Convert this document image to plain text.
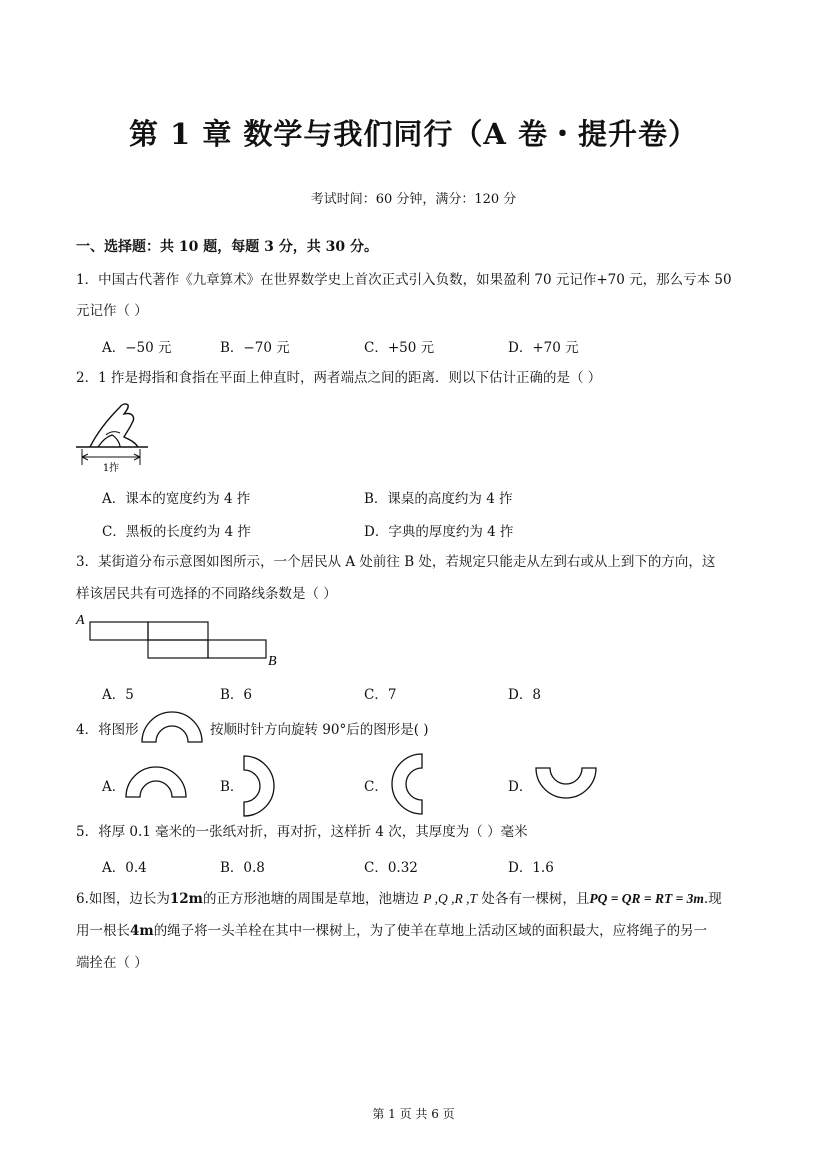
第 1 章 数学与我们同行（A 卷・提升卷）
考试时间：60 分钟，满分：120 分
一、选择题：共 10 题，每题 3 分，共 30 分。
1．中国古代著作《九章算术》在世界数学史上首次正式引入负数，如果盈利 70 元记作+70 元，那么亏本 50
元记作（ ）
A．−50 元	B．−70 元	C．+50 元	D．+70 元
2．1 拃是拇指和食指在平面上伸直时，两者端点之间的距离．则以下估计正确的是（ ）
1拃
A．课本的宽度约为 4 拃	B．课桌的高度约为 4 拃
C．黑板的长度约为 4 拃	D．字典的厚度约为 4 拃
3．某街道分布示意图如图所示，一个居民从 A 处前往 B 处，若规定只能走从左到右或从上到下的方向，这
样该居民共有可选择的不同路线条数是（ ）
A
B
A．5	B．6	C．7	D．8
4．将图形	按顺时针方向旋转 90°后的图形是( )
A．	B．	C．	D．
5．将厚 0.1 毫米的一张纸对折，再对折，这样折 4 次，其厚度为（ ）毫米
A．0.4	B．0.8	C．0.32	D．1.6
6.如图，边长为12m的正方形池塘的周围是草地，池塘边 P ,Q ,R ,T 处各有一棵树，且PQ = QR = RT = 3m.现
用一根长4m的绳子将一头羊栓在其中一棵树上，为了使羊在草地上活动区域的面积最大，应将绳子的另一
端拴在（ ）
第 1 页 共 6 页
